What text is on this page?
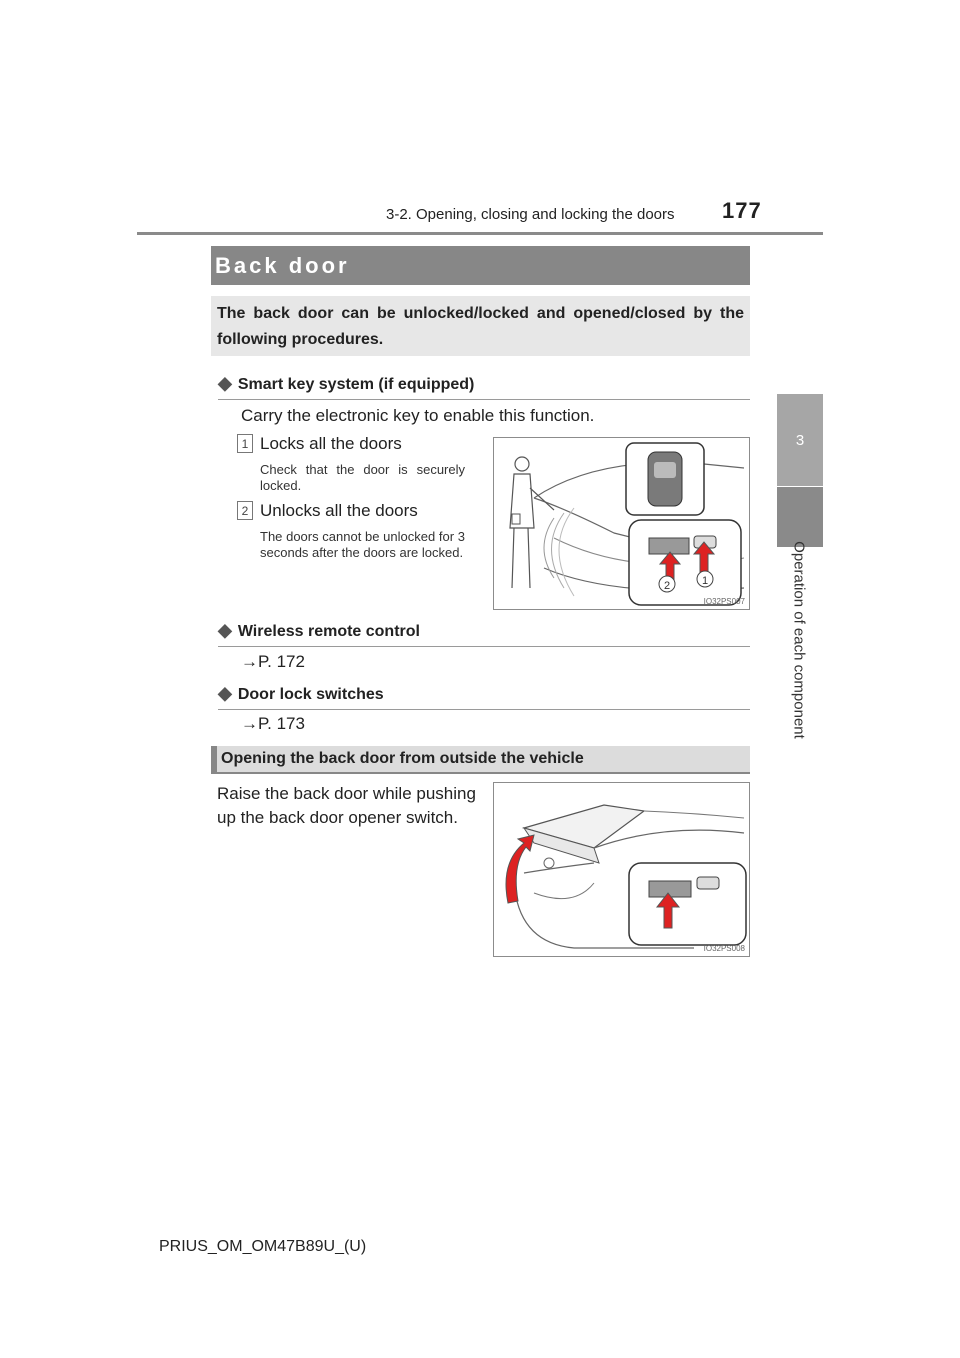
3-2. Opening, closing and locking the doors 177
3
Operation of each component
Back door
The back door can be unlocked/locked and opened/closed by the following procedures.
◆ Smart key system (if equipped)
Carry the electronic key to enable this function.
1 Locks all the doors
Check that the door is securely locked.
2 Unlocks all the doors
The doors cannot be unlocked for 3 seconds after the doors are locked.
2	1
IO32PS007
◆ Wireless remote control
→P. 172
◆ Door lock switches
→P. 173
Opening the back door from outside the vehicle
Raise the back door while pushing
up the back door opener switch.
IO32PS008
PRIUS_OM_OM47B89U_(U)
